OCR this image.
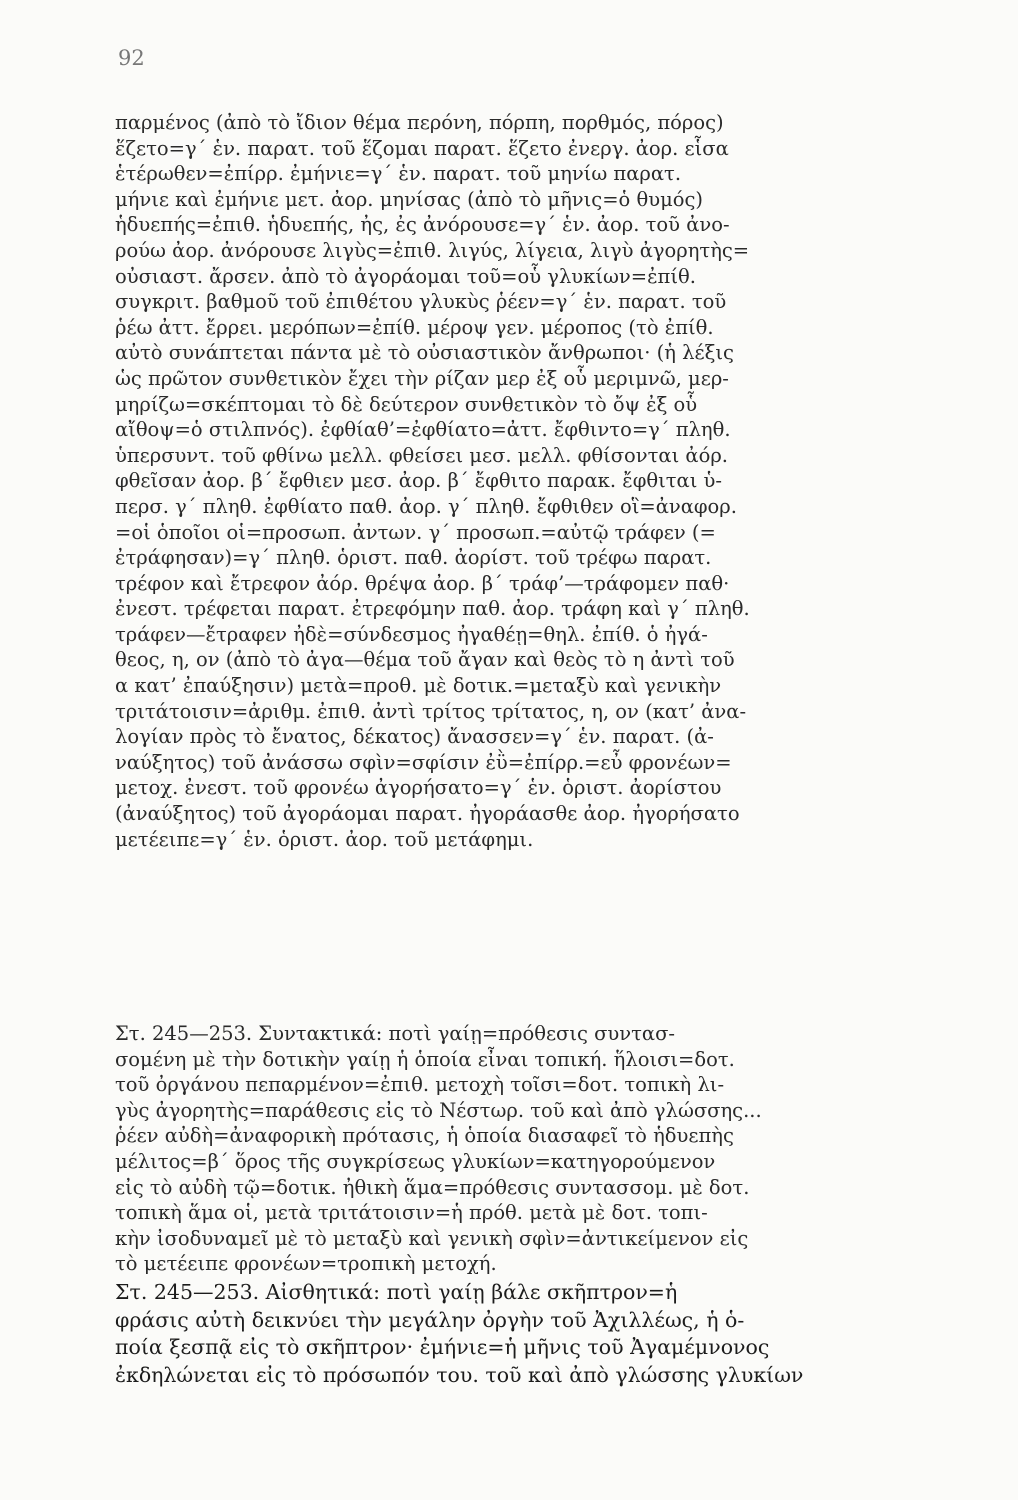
92
παρμένος (ἀπὸ τὸ ἴδιον θέμα περόνη, πόρπη, πορθμός, πόρος)
ἕζετο=γ΄ ἑν. παρατ. τοῦ ἕζομαι παρατ. ἕζετο ἐνεργ. ἀορ. εἷσα
ἑτέρωθεν=ἐπίρρ. ἐμήνιε=γ΄ ἑν. παρατ. τοῦ μηνίω παρατ.
μήνιε καὶ ἐμήνιε μετ. ἀορ. μηνίσας (ἀπὸ τὸ μῆνις=ὁ θυμός)
ἡδυεπής=ἐπιθ. ἡδυεπής, ἠς, ἐς ἀνόρουσε=γ΄ ἑν. ἀορ. τοῦ ἀνο-
ρούω ἀορ. ἀνόρουσε λιγὺς=ἐπιθ. λιγύς, λίγεια, λιγὺ ἀγορητὴς=
οὐσιαστ. ἄρσεν. ἀπὸ τὸ ἀγοράομαι τοῦ=οὗ γλυκίων=ἐπίθ.
συγκριτ. βαθμοῦ τοῦ ἐπιθέτου γλυκὺς ῥέεν=γ΄ ἑν. παρατ. τοῦ
ῥέω ἀττ. ἔρρει. μερόπων=ἐπίθ. μέροψ γεν. μέροπος (τὸ ἐπίθ.
αὐτὸ συνάπτεται πάντα μὲ τὸ οὐσιαστικὸν ἄνθρωποι· (ἡ λέξις
ὡς πρῶτον συνθετικὸν ἔχει τὴν ρίζαν μερ ἐξ οὗ μεριμνῶ, μερ-
μηρίζω=σκέπτομαι τὸ δὲ δεύτερον συνθετικὸν τὸ ὄψ ἐξ οὗ
αἴθοψ=ὁ στιλπνός). ἐφθίαθ’=ἐφθίατο=ἀττ. ἔφθιντο=γ΄ πληθ.
ὑπερσυντ. τοῦ φθίνω μελλ. φθείσει μεσ. μελλ. φθίσονται ἀόρ.
φθεῖσαν ἀορ. β΄ ἔφθιεν μεσ. ἀορ. β΄ ἔφθιτο παρακ. ἔφθιται ὑ-
περσ. γ΄ πληθ. ἐφθίατο παθ. ἀορ. γ΄ πληθ. ἔφθιθεν οἳ=ἀναφορ.
=οἱ ὁποῖοι οἱ=προσωπ. ἀντων. γ΄ προσωπ.=αὐτῷ τράφεν (=
ἐτράφησαν)=γ΄ πληθ. ὁριστ. παθ. ἀορίστ. τοῦ τρέφω παρατ.
τρέφον καὶ ἔτρεφον ἀόρ. θρέψα ἀορ. β΄ τράφ’—τράφομεν παθ·
ἐνεστ. τρέφεται παρατ. ἐτρεφόμην παθ. ἀορ. τράφη καὶ γ΄ πληθ.
τράφεν—ἔτραφεν ἠδὲ=σύνδεσμος ἠγαθέῃ=θηλ. ἐπίθ. ὁ ἠγά-
θεος, η, ον (ἀπὸ τὸ ἀγα—θέμα τοῦ ἄγαν καὶ θεὸς τὸ η ἀντὶ τοῦ
α κατ’ ἐπαύξησιν) μετὰ=προθ. μὲ δοτικ.=μεταξὺ καὶ γενικὴν
τριτάτοισιν=ἀριθμ. ἐπιθ. ἀντὶ τρίτος τρίτατος, η, ον (κατ’ ἀνα-
λογίαν πρὸς τὸ ἔνατος, δέκατος) ἄνασσεν=γ΄ ἑν. παρατ. (ἀ-
ναύξητος) τοῦ ἀνάσσω σφὶν=σφίσιν ἐῢ=ἐπίρρ.=εὖ φρονέων=
μετοχ. ἐνεστ. τοῦ φρονέω ἀγορήσατο=γ΄ ἑν. ὁριστ. ἀορίστου
(ἀναύξητος) τοῦ ἀγοράομαι παρατ. ἠγοράασθε ἀορ. ἠγορήσατο
μετέειπε=γ΄ ἑν. ὁριστ. ἀορ. τοῦ μετάφημι.
Στ. 245—253. Συντακτικά: ποτὶ γαίῃ=πρόθεσις συντασ-
σομένη μὲ τὴν δοτικὴν γαίῃ ἡ ὁποία εἶναι τοπική. ἥλοισι=δοτ.
τοῦ ὀργάνου πεπαρμένον=ἐπιθ. μετοχὴ τοῖσι=δοτ. τοπικὴ λι-
γὺς ἀγορητὴς=παράθεσις εἰς τὸ Νέστωρ. τοῦ καὶ ἀπὸ γλώσσης...
ῥέεν αὐδὴ=ἀναφορικὴ πρότασις, ἡ ὁποία διασαφεῖ τὸ ἡδυεπὴς
μέλιτος=β΄ ὅρος τῆς συγκρίσεως γλυκίων=κατηγορούμενον
εἰς τὸ αὐδὴ τῷ=δοτικ. ἠθικὴ ἅμα=πρόθεσις συντασσομ. μὲ δοτ.
τοπικὴ ἅμα οἱ, μετὰ τριτάτοισιν=ἡ πρόθ. μετὰ μὲ δοτ. τοπι-
κὴν ἰσοδυναμεῖ μὲ τὸ μεταξὺ καὶ γενικὴ σφὶν=ἀντικείμενον εἰς
τὸ μετέειπε φρονέων=τροπικὴ μετοχή.
Στ. 245—253. Αἰσθητικά: ποτὶ γαίῃ βάλε σκῆπτρον=ἡ
φράσις αὐτὴ δεικνύει τὴν μεγάλην ὀργὴν τοῦ Ἀχιλλέως, ἡ ὁ-
ποία ξεσπᾷ εἰς τὸ σκῆπτρον· ἐμήνιε=ἡ μῆνις τοῦ Ἀγαμέμνονος
ἐκδηλώνεται εἰς τὸ πρόσωπόν του. τοῦ καὶ ἀπὸ γλώσσης γλυκίων
